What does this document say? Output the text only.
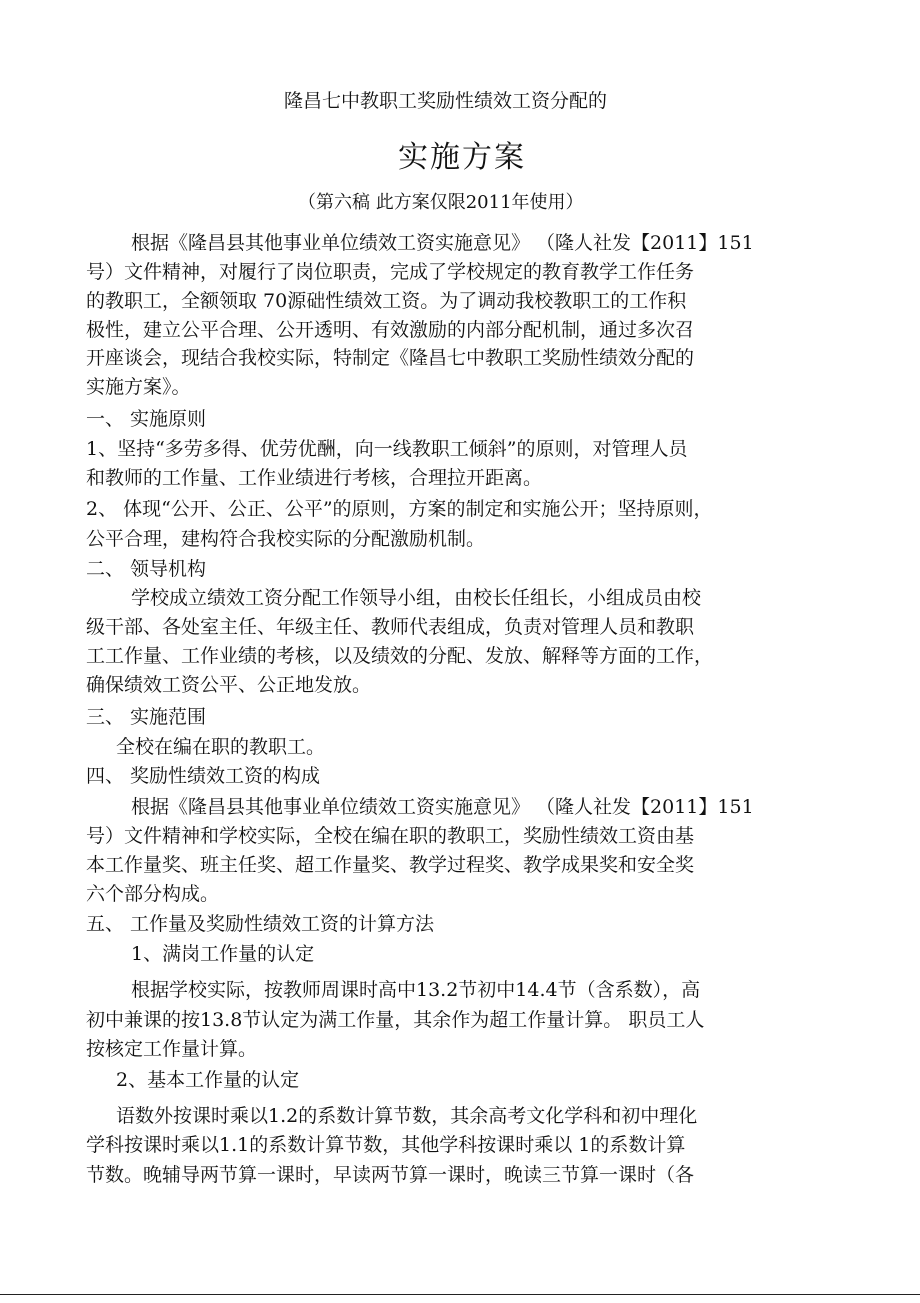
隆昌七中教职工奖励性绩效工资分配的

实施方案

（第六稿 此方案仅限2011年使用）

根据《隆昌县其他事业单位绩效工资实施意见》 （隆人社发【2011】151

号）文件精神，对履行了岗位职责，完成了学校规定的教育教学工作任务

的教职工，全额领取 70源础性绩效工资。为了调动我校教职工的工作积

极性，建立公平合理、公开透明、有效激励的内部分配机制，通过多次召

开座谈会，现结合我校实际，特制定《隆昌七中教职工奖励性绩效分配的

实施方案》。

一、 实施原则

1、坚持“多劳多得、优劳优酬，向一线教职工倾斜”的原则，对管理人员

和教师的工作量、工作业绩进行考核，合理拉开距离。

2、 体现“公开、公正、公平”的原则，方案的制定和实施公开；坚持原则，

公平合理，建构符合我校实际的分配激励机制。

二、 领导机构

学校成立绩效工资分配工作领导小组，由校长任组长，小组成员由校

级干部、各处室主任、年级主任、教师代表组成，负责对管理人员和教职

工工作量、工作业绩的考核，以及绩效的分配、发放、解释等方面的工作，

确保绩效工资公平、公正地发放。

三、 实施范围

全校在编在职的教职工。

四、 奖励性绩效工资的构成

根据《隆昌县其他事业单位绩效工资实施意见》 （隆人社发【2011】151

号）文件精神和学校实际，全校在编在职的教职工，奖励性绩效工资由基

本工作量奖、班主任奖、超工作量奖、教学过程奖、教学成果奖和安全奖

六个部分构成。

五、 工作量及奖励性绩效工资的计算方法

1、满岗工作量的认定

根据学校实际，按教师周课时高中13.2节初中14.4节（含系数），高

初中兼课的按13.8节认定为满工作量，其余作为超工作量计算。 职员工人

按核定工作量计算。

2、基本工作量的认定

语数外按课时乘以1.2的系数计算节数，其余高考文化学科和初中理化

学科按课时乘以1.1的系数计算节数，其他学科按课时乘以 1的系数计算

节数。晚辅导两节算一课时，早读两节算一课时，晚读三节算一课时（各
